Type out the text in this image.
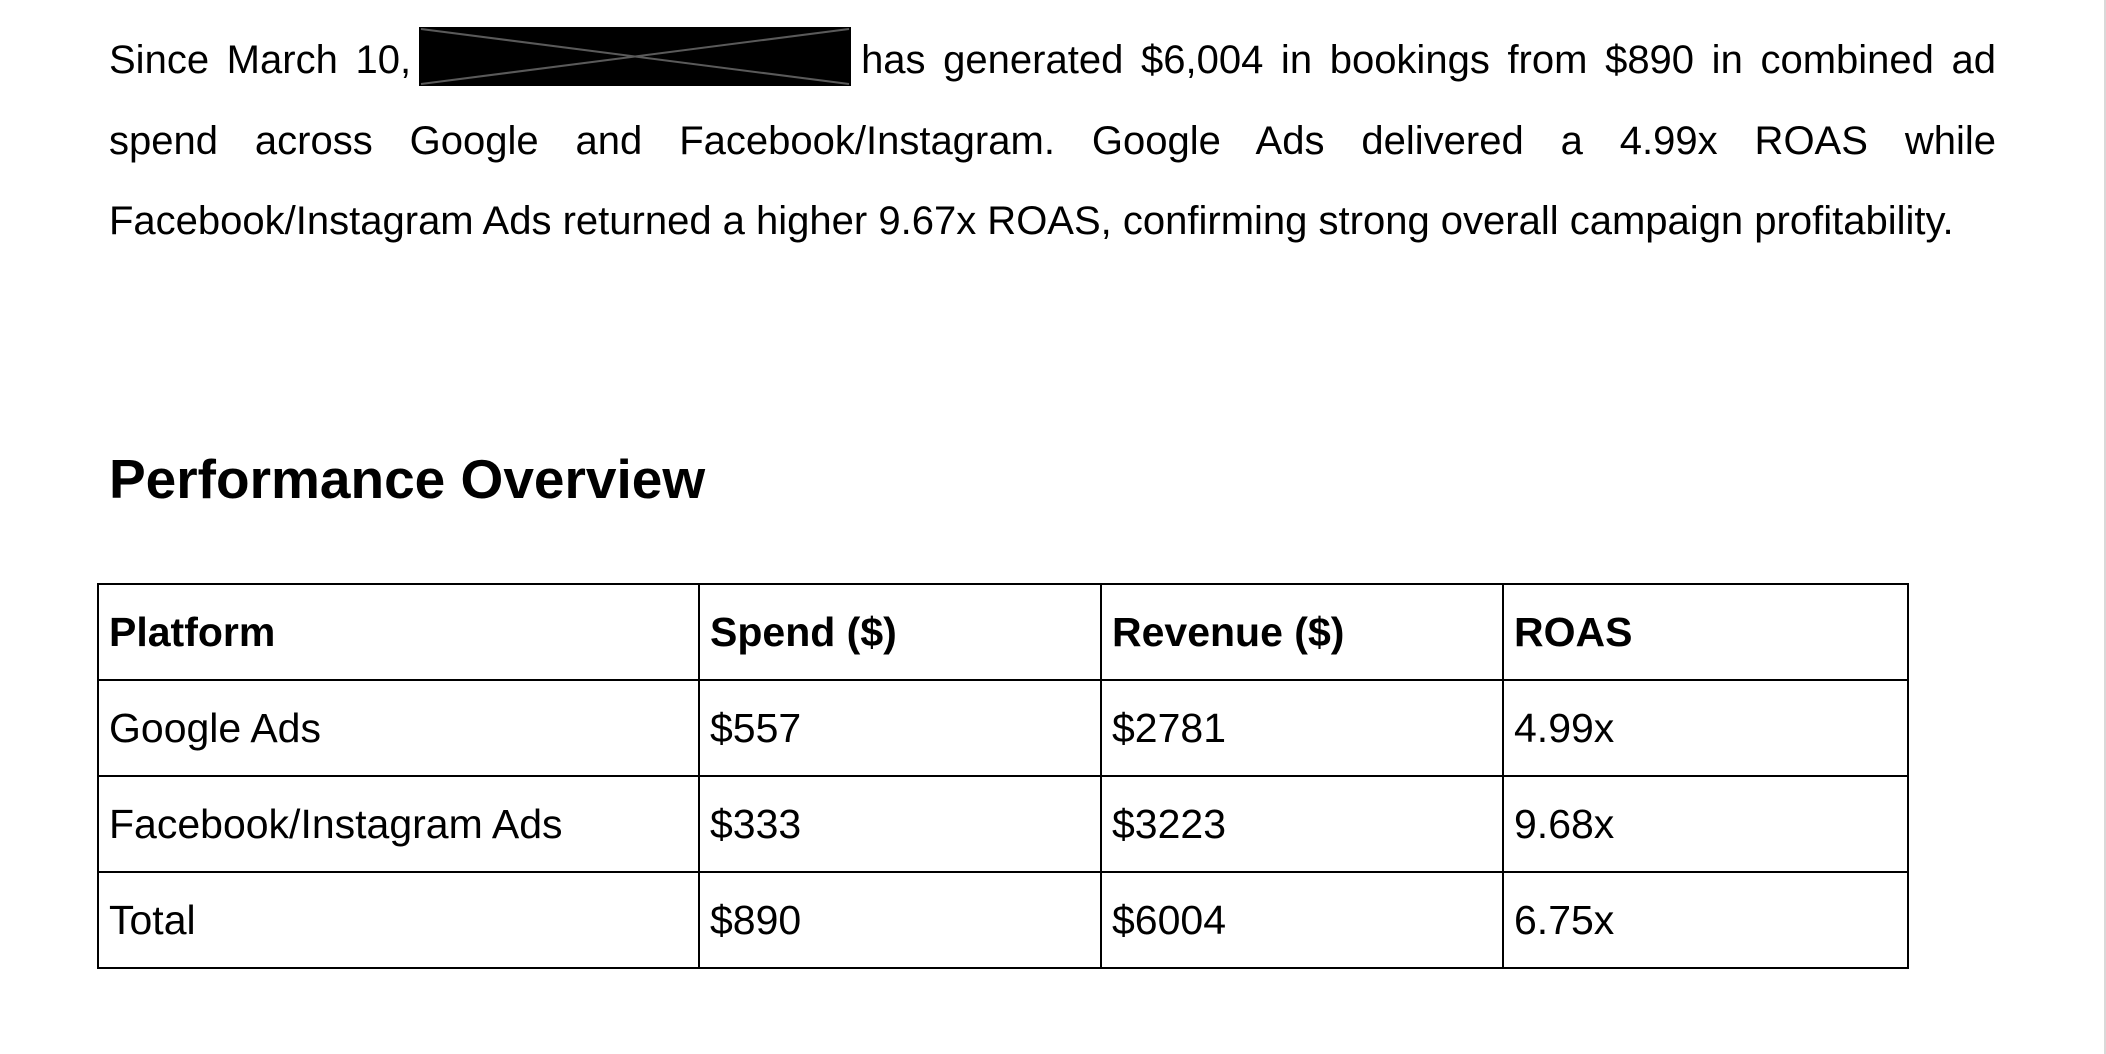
Since March 10,	has generated $6,004 in bookings from $890 in combined ad spend across Google and Facebook/Instagram. Google Ads delivered a 4.99x ROAS while Facebook/Instagram Ads returned a higher 9.67x ROAS, confirming strong overall campaign profitability.

Performance Overview
Platform	Spend ($)	Revenue ($)	ROAS
Google Ads	$557	$2781	4.99x
Facebook/Instagram Ads	$333	$3223	9.68x
Total	$890	$6004	6.75x
